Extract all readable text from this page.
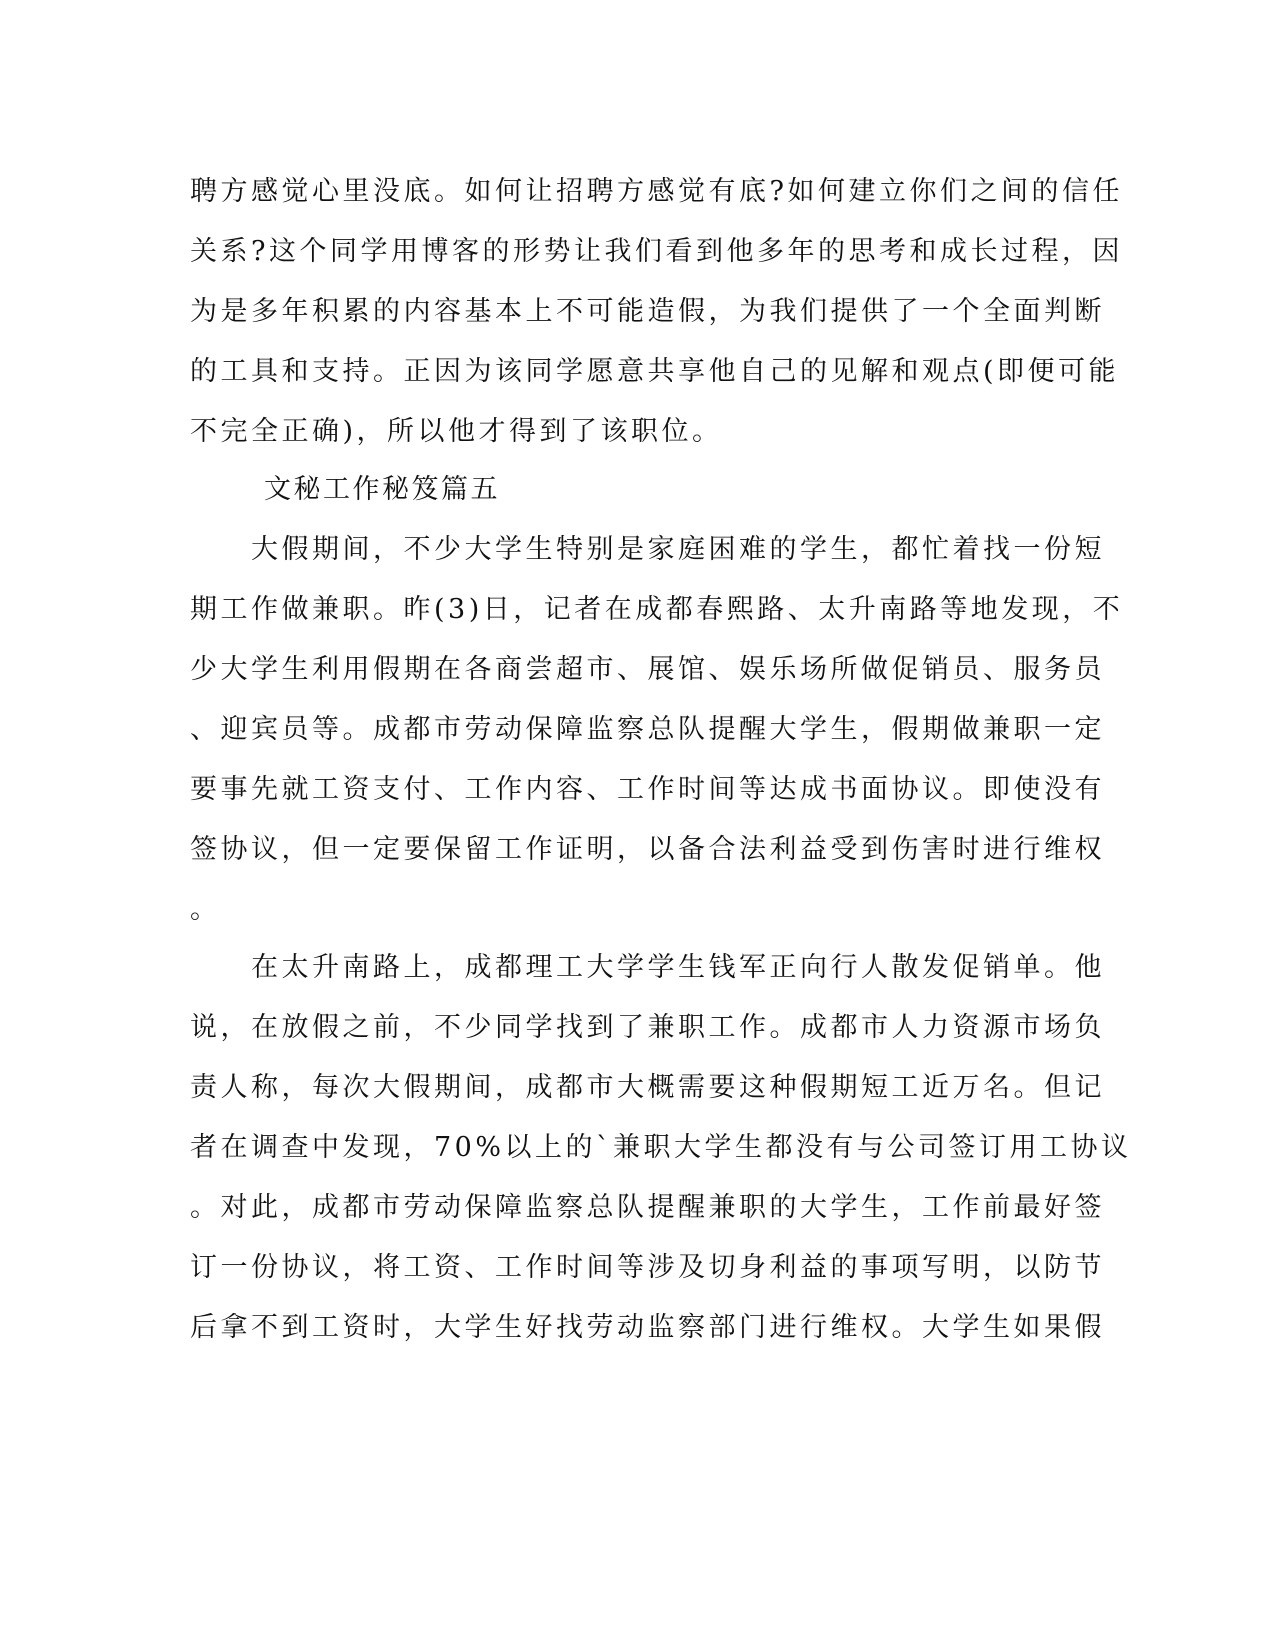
聘方感觉心里没底。如何让招聘方感觉有底?如何建立你们之间的信任
关系?这个同学用博客的形势让我们看到他多年的思考和成长过程，因
为是多年积累的内容基本上不可能造假，为我们提供了一个全面判断
的工具和支持。正因为该同学愿意共享他自己的见解和观点(即便可能
不完全正确)，所以他才得到了该职位。
文秘工作秘笈篇五
　　大假期间，不少大学生特别是家庭困难的学生，都忙着找一份短
期工作做兼职。昨(3)日，记者在成都春熙路、太升南路等地发现，不
少大学生利用假期在各商尝超市、展馆、娱乐场所做促销员、服务员
、迎宾员等。成都市劳动保障监察总队提醒大学生，假期做兼职一定
要事先就工资支付、工作内容、工作时间等达成书面协议。即使没有
签协议，但一定要保留工作证明，以备合法利益受到伤害时进行维权
。
　　在太升南路上，成都理工大学学生钱军正向行人散发促销单。他
说，在放假之前，不少同学找到了兼职工作。成都市人力资源市场负
责人称，每次大假期间，成都市大概需要这种假期短工近万名。但记
者在调查中发现，70%以上的`兼职大学生都没有与公司签订用工协议
。对此，成都市劳动保障监察总队提醒兼职的大学生，工作前最好签
订一份协议，将工资、工作时间等涉及切身利益的事项写明，以防节
后拿不到工资时，大学生好找劳动监察部门进行维权。大学生如果假
